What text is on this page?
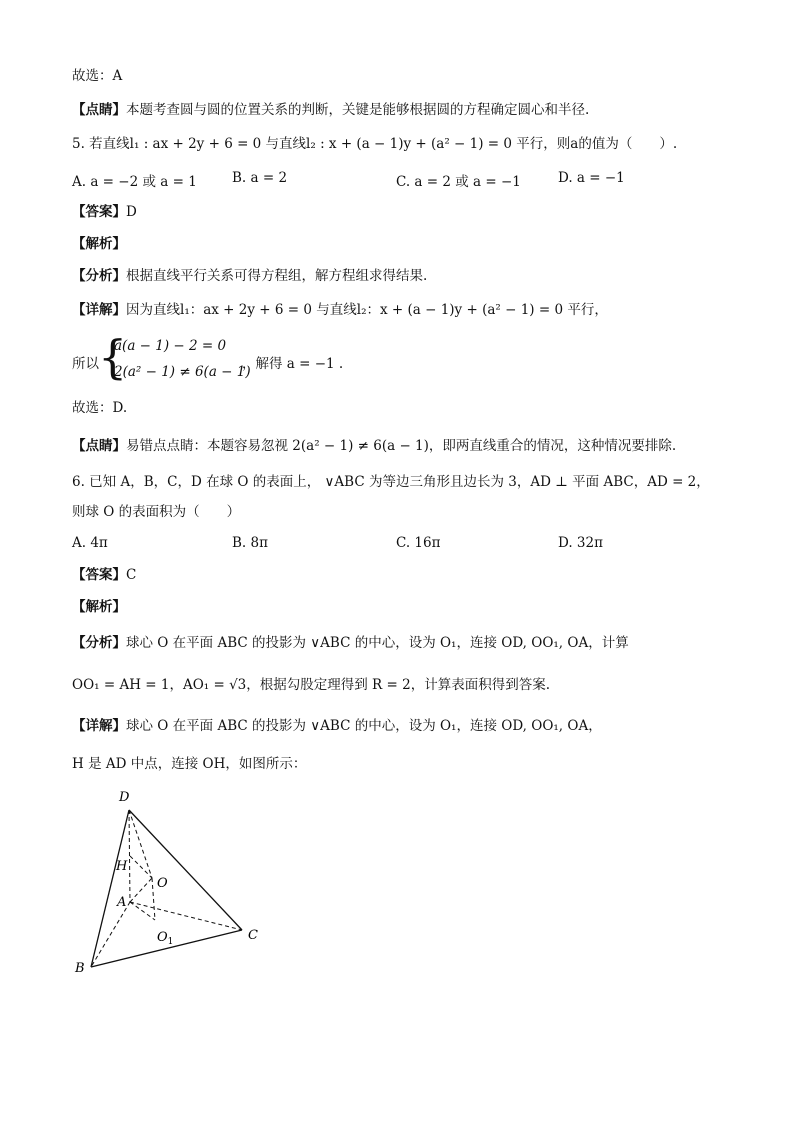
故选：A
【点睛】本题考查圆与圆的位置关系的判断，关键是能够根据圆的方程确定圆心和半径.
5. 若直线l₁ : ax + 2y + 6 = 0 与直线l₂ : x + (a − 1)y + (a² − 1) = 0 平行，则a的值为（　　）.
A. a = −2 或 a = 1	B. a = 2	C. a = 2 或 a = −1	D. a = −1
【答案】D
【解析】
【分析】根据直线平行关系可得方程组，解方程组求得结果.
【详解】因为直线l₁：ax + 2y + 6 = 0 与直线l₂：x + (a − 1)y + (a² − 1) = 0 平行，
所以 {
a(a − 1) − 2 = 0
2(a² − 1) ≠ 6(a − 1)
，解得 a = −1 .
故选：D.
【点睛】易错点点睛：本题容易忽视 2(a² − 1) ≠ 6(a − 1)，即两直线重合的情况，这种情况要排除.
6. 已知 A，B，C，D 在球 O 的表面上， ∨ABC 为等边三角形且边长为 3，AD ⊥ 平面 ABC，AD = 2，
则球 O 的表面积为（　　）
A. 4π	B. 8π	C. 16π	D. 32π
【答案】C
【解析】
【分析】球心 O 在平面 ABC 的投影为 ∨ABC 的中心，设为 O₁，连接 OD, OO₁, OA，计算
OO₁ = AH = 1，AO₁ = √3，根据勾股定理得到 R = 2，计算表面积得到答案.
【详解】球心 O 在平面 ABC 的投影为 ∨ABC 的中心，设为 O₁，连接 OD, OO₁, OA，
H 是 AD 中点，连接 OH，如图所示：
D
H
O
A
$O_1$	C
B
